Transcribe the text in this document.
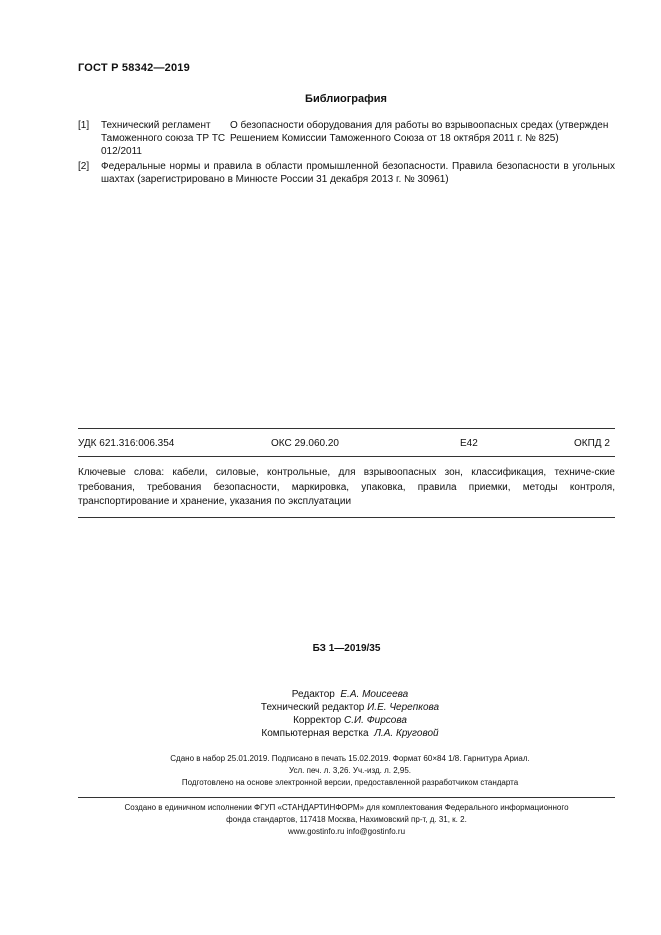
ГОСТ Р 58342—2019
Библиография
[1] Технический регламент Таможенного союза ТР ТС 012/2011
О безопасности оборудования для работы во взрывоопасных средах (утвержден Решением Комиссии Таможенного Союза от 18 октября 2011 г. № 825)
[2] Федеральные нормы и правила в области промышленной безопасности. Правила безопасности в угольных шахтах (зарегистрировано в Минюсте России 31 декабря 2013 г. № 30961)
УДК 621.316:006.354	ОКС 29.060.20	Е42	ОКПД 2
Ключевые слова: кабели, силовые, контрольные, для взрывоопасных зон, классификация, техниче-ские требования, требования безопасности, маркировка, упаковка, правила приемки, методы контроля, транспортирование и хранение, указания по эксплуатации
БЗ 1—2019/35
Редактор Е.А. Моисеева
Технический редактор И.Е. Черепкова
Корректор С.И. Фирсова
Компьютерная верстка Л.А. Круговой
Сдано в набор 25.01.2019. Подписано в печать 15.02.2019. Формат 60×84 1/8. Гарнитура Ариал.
Усл. печ. л. 3,26. Уч.-изд. л. 2,95.
Подготовлено на основе электронной версии, предоставленной разработчиком стандарта
Создано в единичном исполнении ФГУП «СТАНДАРТИНФОРМ» для комплектования Федерального информационного
фонда стандартов, 117418 Москва, Нахимовский пр-т, д. 31, к. 2.
www.gostinfo.ru info@gostinfo.ru
